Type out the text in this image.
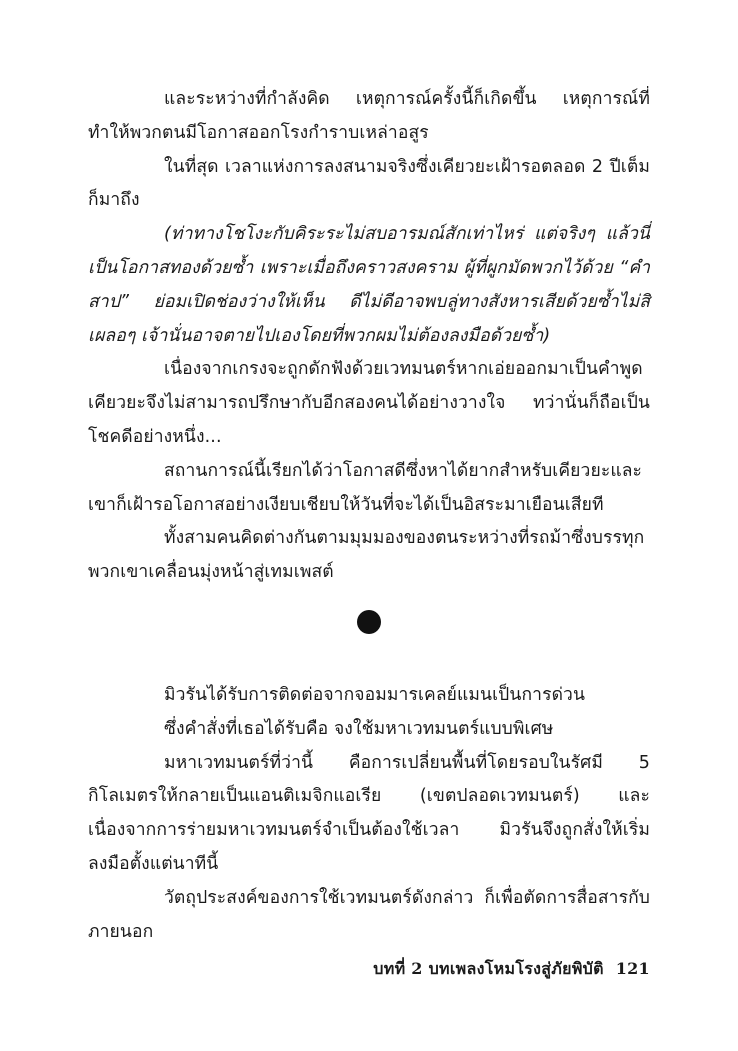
และระหว่างที่กำลังคิด เหตุการณ์ครั้งนี้ก็เกิดขึ้น เหตุการณ์ที่ทำให้พวกตนมีโอกาสออกโรงกำราบเหล่าอสูร

ในที่สุด เวลาแห่งการลงสนามจริงซึ่งเคียวยะเฝ้ารอตลอด 2 ปีเต็มก็มาถึง

(ท่าทางโชโงะกับคิระระไม่สบอารมณ์สักเท่าไหร่ แต่จริงๆ แล้วนี่เป็นโอกาสทองด้วยซ้ำ เพราะเมื่อถึงคราวสงคราม ผู้ที่ผูกมัดพวกไว้ด้วย “คำสาป” ย่อมเปิดช่องว่างให้เห็น ดีไม่ดีอาจพบลู่ทางสังหารเสียด้วยซ้ำไม่สิ เผลอๆ เจ้านั่นอาจตายไปเองโดยที่พวกผมไม่ต้องลงมือด้วยซ้ำ)

เนื่องจากเกรงจะถูกดักฟังด้วยเวทมนตร์หากเอ่ยออกมาเป็นคำพูด เคียวยะจึงไม่สามารถปรึกษากับอีกสองคนได้อย่างวางใจ ทว่านั่นก็ถือเป็นโชคดีอย่างหนึ่ง...

สถานการณ์นี้เรียกได้ว่าโอกาสดีซึ่งหาได้ยากสำหรับเคียวยะและเขาก็เฝ้ารอโอกาสอย่างเงียบเชียบให้วันที่จะได้เป็นอิสระมาเยือนเสียที

ทั้งสามคนคิดต่างกันตามมุมมองของตนระหว่างที่รถม้าซึ่งบรรทุกพวกเขาเคลื่อนมุ่งหน้าสู่เทมเพสต์

มิวรันได้รับการติดต่อจากจอมมารเคลย์แมนเป็นการด่วน

ซึ่งคำสั่งที่เธอได้รับคือ จงใช้มหาเวทมนตร์แบบพิเศษ

มหาเวทมนตร์ที่ว่านี้ คือการเปลี่ยนพื้นที่โดยรอบในรัศมี 5 กิโลเมตรให้กลายเป็นแอนติเมจิกแอเรีย (เขตปลอดเวทมนตร์) และเนื่องจากการร่ายมหาเวทมนตร์จำเป็นต้องใช้เวลา มิวรันจึงถูกสั่งให้เริ่มลงมือตั้งแต่นาทีนี้

วัตถุประสงค์ของการใช้เวทมนตร์ดังกล่าว ก็เพื่อตัดการสื่อสารกับภายนอก

บทที่ 2 บทเพลงโหมโรงสู่ภัยพิบัติ 121
